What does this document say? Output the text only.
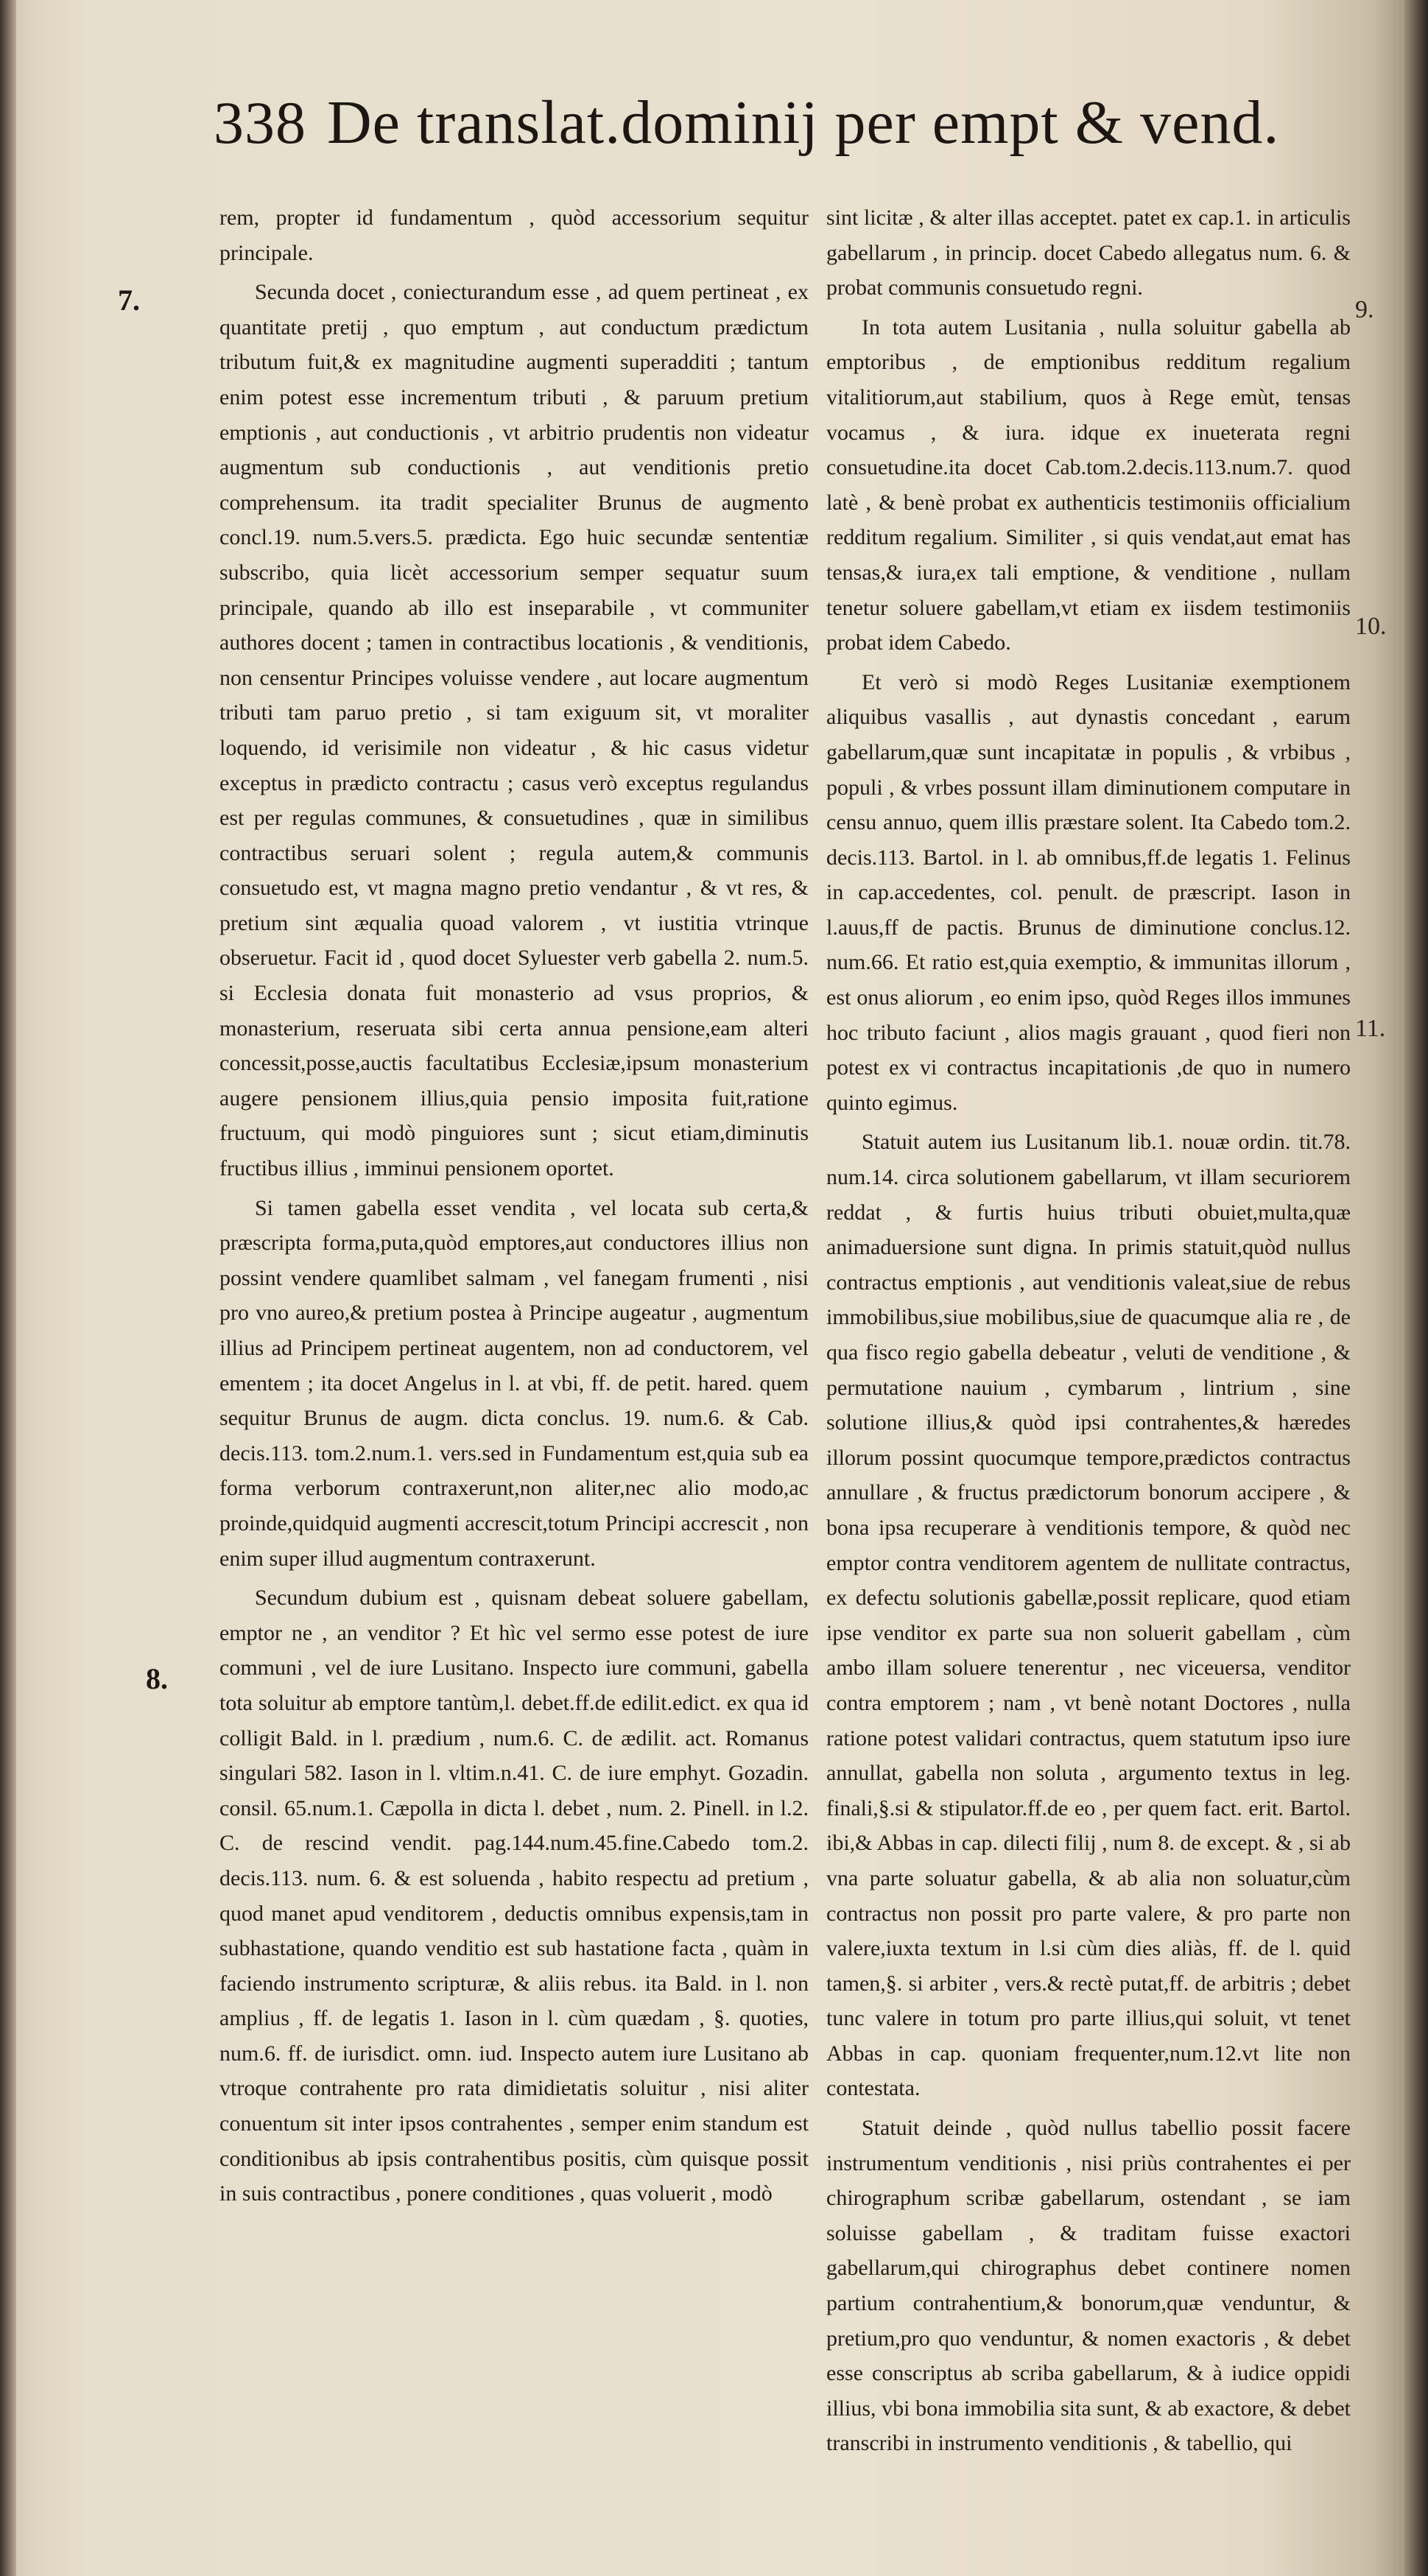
338 De translat.dominij per empt & vend.
7.
8.
9.
10.
11.

rem, propter id fundamentum , quòd accessorium sequitur principale.

Secunda docet , coniecturandum esse , ad quem pertineat , ex quantitate pretij , quo emptum , aut conductum prædictum tributum fuit,& ex magnitudine augmenti superadditi ; tantum enim potest esse incrementum tributi , & paruum pretium emptionis , aut conductionis , vt arbitrio prudentis non videatur augmentum sub conductionis , aut venditionis pretio comprehensum. ita tradit specialiter Brunus de augmento concl.19. num.5.vers.5. prædicta. Ego huic secundæ sententiæ subscribo, quia licèt accessorium semper sequatur suum principale, quando ab illo est inseparabile , vt communiter authores docent ; tamen in contractibus locationis , & venditionis, non censentur Principes voluisse vendere , aut locare augmentum tributi tam paruo pretio , si tam exiguum sit, vt moraliter loquendo, id verisimile non videatur , & hic casus videtur exceptus in prædicto contractu ; casus verò exceptus regulandus est per regulas communes, & consuetudines , quæ in similibus contractibus seruari solent ; regula autem,& communis consuetudo est, vt magna magno pretio vendantur , & vt res, & pretium sint æqualia quoad valorem , vt iustitia vtrinque obseruetur. Facit id , quod docet Syluester verb gabella 2. num.5. si Ecclesia donata fuit monasterio ad vsus proprios, & monasterium, reseruata sibi certa annua pensione,eam alteri concessit,posse,auctis facultatibus Ecclesiæ,ipsum monasterium augere pensionem illius,quia pensio imposita fuit,ratione fructuum, qui modò pinguiores sunt ; sicut etiam,diminutis fructibus illius , imminui pensionem oportet.

Si tamen gabella esset vendita , vel locata sub certa,& præscripta forma,puta,quòd emptores,aut conductores illius non possint vendere quamlibet salmam , vel fanegam frumenti , nisi pro vno aureo,& pretium postea à Principe augeatur , augmentum illius ad Principem pertineat augentem, non ad conductorem, vel ementem ; ita docet Angelus in l. at vbi, ff. de petit. hared. quem sequitur Brunus de augm. dicta conclus. 19. num.6. & Cab. decis.113. tom.2.num.1. vers.sed in Fundamentum est,quia sub ea forma verborum contraxerunt,non aliter,nec alio modo,ac proinde,quidquid augmenti accrescit,totum Principi accrescit , non enim super illud augmentum contraxerunt.

Secundum dubium est , quisnam debeat soluere gabellam, emptor ne , an venditor ? Et hìc vel sermo esse potest de iure communi , vel de iure Lusitano. Inspecto iure communi, gabella tota soluitur ab emptore tantùm,l. debet.ff.de edilit.edict. ex qua id colligit Bald. in l. prædium , num.6. C. de ædilit. act. Romanus singulari 582. Iason in l. vltim.n.41. C. de iure emphyt. Gozadin. consil. 65.num.1. Cæpolla in dicta l. debet , num. 2. Pinell. in l.2. C. de rescind vendit. pag.144.num.45.fine.Cabedo tom.2. decis.113. num. 6. & est soluenda , habito respectu ad pretium , quod manet apud venditorem , deductis omnibus expensis,tam in subhastatione, quando venditio est sub hastatione facta , quàm in faciendo instrumento scripturæ, & aliis rebus. ita Bald. in l. non amplius , ff. de legatis 1. Iason in l. cùm quædam , §. quoties, num.6. ff. de iurisdict. omn. iud. Inspecto autem iure Lusitano ab vtroque contrahente pro rata dimidietatis soluitur , nisi aliter conuentum sit inter ipsos contrahentes , semper enim standum est conditionibus ab ipsis contrahentibus positis, cùm quisque possit in suis contractibus , ponere conditiones , quas voluerit , modò

sint licitæ , & alter illas acceptet. patet ex cap.1. in articulis gabellarum , in princip. docet Cabedo allegatus num. 6. & probat communis consuetudo regni.

In tota autem Lusitania , nulla soluitur gabella ab emptoribus , de emptionibus redditum regalium vitalitiorum,aut stabilium, quos à Rege emùt, tensas vocamus , & iura. idque ex inueterata regni consuetudine.ita docet Cab.tom.2.decis.113.num.7. quod latè , & benè probat ex authenticis testimoniis officialium redditum regalium. Similiter , si quis vendat,aut emat has tensas,& iura,ex tali emptione, & venditione , nullam tenetur soluere gabellam,vt etiam ex iisdem testimoniis probat idem Cabedo.

Et verò si modò Reges Lusitaniæ exemptionem aliquibus vasallis , aut dynastis concedant , earum gabellarum,quæ sunt incapitatæ in populis , & vrbibus , populi , & vrbes possunt illam diminutionem computare in censu annuo, quem illis præstare solent. Ita Cabedo tom.2. decis.113. Bartol. in l. ab omnibus,ff.de legatis 1. Felinus in cap.accedentes, col. penult. de præscript. Iason in l.auus,ff de pactis. Brunus de diminutione conclus.12. num.66. Et ratio est,quia exemptio, & immunitas illorum , est onus aliorum , eo enim ipso, quòd Reges illos immunes hoc tributo faciunt , alios magis grauant , quod fieri non potest ex vi contractus incapitationis ,de quo in numero quinto egimus.

Statuit autem ius Lusitanum lib.1. nouæ ordin. tit.78. num.14. circa solutionem gabellarum, vt illam securiorem reddat , & furtis huius tributi obuiet,multa,quæ animaduersione sunt digna. In primis statuit,quòd nullus contractus emptionis , aut venditionis valeat,siue de rebus immobilibus,siue mobilibus,siue de quacumque alia re , de qua fisco regio gabella debeatur , veluti de venditione , & permutatione nauium , cymbarum , lintrium , sine solutione illius,& quòd ipsi contrahentes,& hæredes illorum possint quocumque tempore,prædictos contractus annullare , & fructus prædictorum bonorum accipere , & bona ipsa recuperare à venditionis tempore, & quòd nec emptor contra venditorem agentem de nullitate contractus, ex defectu solutionis gabellæ,possit replicare, quod etiam ipse venditor ex parte sua non soluerit gabellam , cùm ambo illam soluere tenerentur , nec viceuersa, venditor contra emptorem ; nam , vt benè notant Doctores , nulla ratione potest validari contractus, quem statutum ipso iure annullat, gabella non soluta , argumento textus in leg. finali,§.si & stipulator.ff.de eo , per quem fact. erit. Bartol. ibi,& Abbas in cap. dilecti filij , num 8. de except. & , si ab vna parte soluatur gabella, & ab alia non soluatur,cùm contractus non possit pro parte valere, & pro parte non valere,iuxta textum in l.si cùm dies aliàs, ff. de l. quid tamen,§. si arbiter , vers.& rectè putat,ff. de arbitris ; debet tunc valere in totum pro parte illius,qui soluit, vt tenet Abbas in cap. quoniam frequenter,num.12.vt lite non contestata.

Statuit deinde , quòd nullus tabellio possit facere instrumentum venditionis , nisi priùs contrahentes ei per chirographum scribæ gabellarum, ostendant , se iam soluisse gabellam , & traditam fuisse exactori gabellarum,qui chirographus debet continere nomen partium contrahentium,& bonorum,quæ venduntur, & pretium,pro quo venduntur, & nomen exactoris , & debet esse conscriptus ab scriba gabellarum, & à iudice oppidi illius, vbi bona immobilia sita sunt, & ab exactore, & debet transcribi in instrumento venditionis , & tabellio, qui
